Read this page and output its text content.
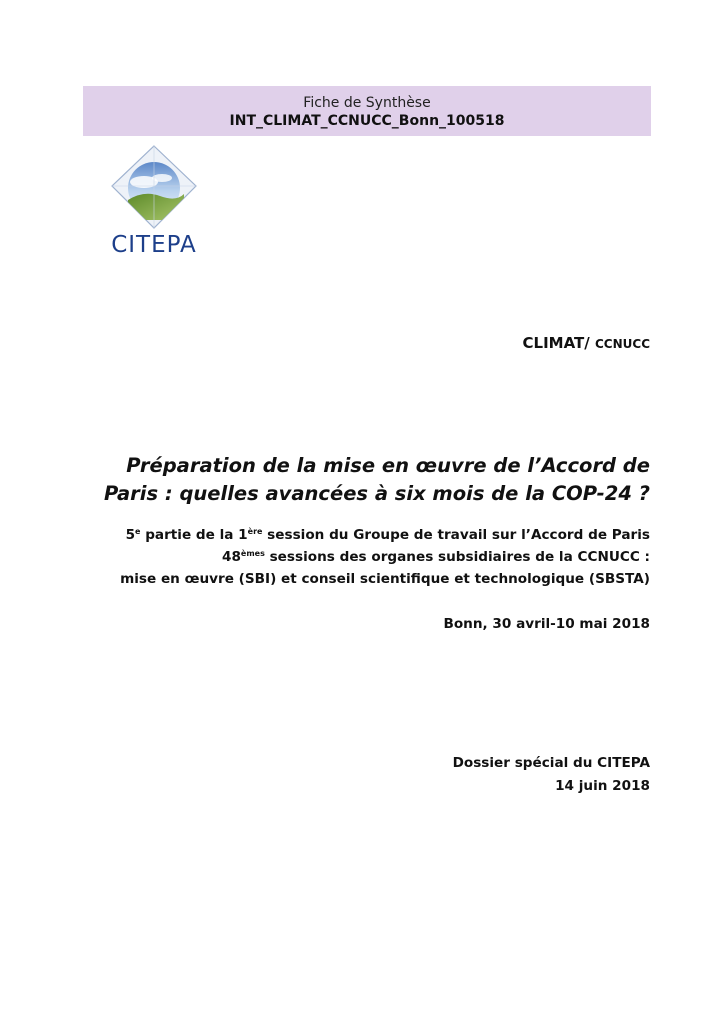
Fiche de Synthèse
INT_CLIMAT_CCNUCC_Bonn_100518
CITEPA
CLIMAT/ CCNUCC
Préparation de la mise en œuvre de l’Accord de
Paris : quelles avancées à six mois de la COP-24 ?
5e partie de la 1ère session du Groupe de travail sur l’Accord de Paris
48èmes sessions des organes subsidiaires de la CCNUCC :
mise en œuvre (SBI) et conseil scientifique et technologique (SBSTA)
Bonn, 30 avril-10 mai 2018
Dossier spécial du CITEPA
14 juin 2018
